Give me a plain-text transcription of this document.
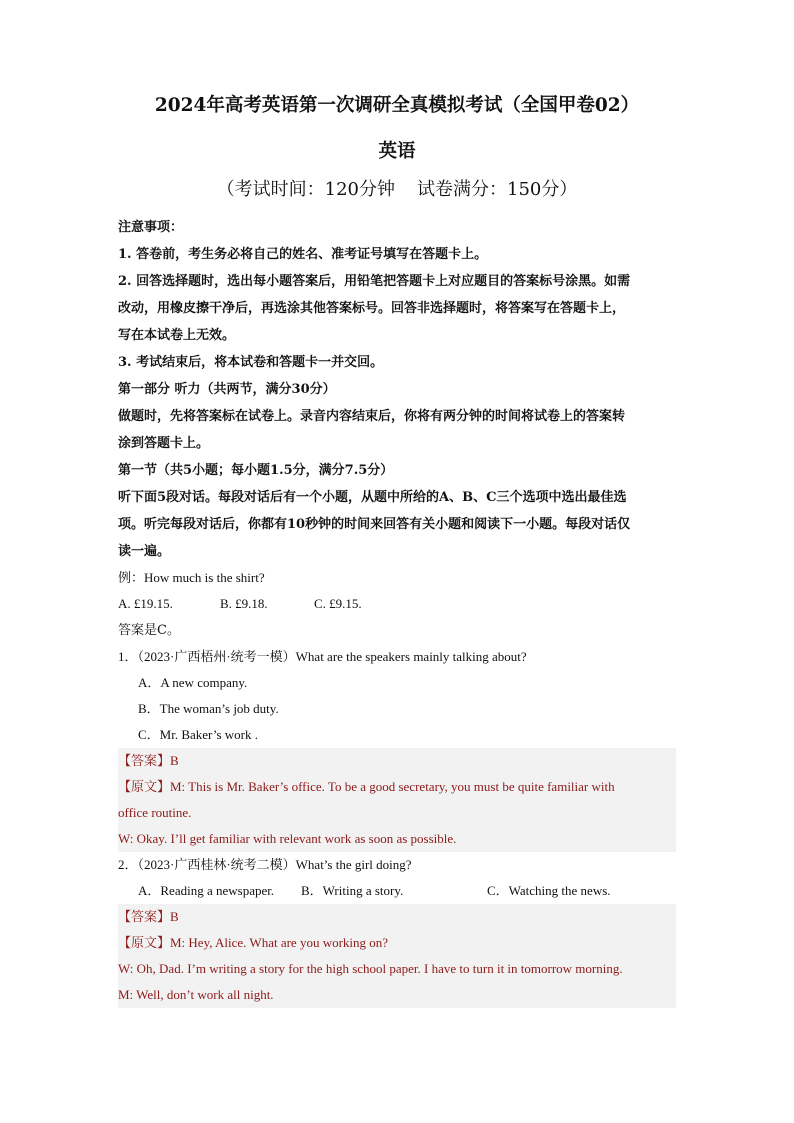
2024年高考英语第一次调研全真模拟考试（全国甲卷02）
英语
（考试时间：120分钟 试卷满分：150分）
注意事项：
1. 答卷前，考生务必将自己的姓名、准考证号填写在答题卡上。
2. 回答选择题时，选出每小题答案后，用铅笔把答题卡上对应题目的答案标号涂黑。如需
改动，用橡皮擦干净后，再选涂其他答案标号。回答非选择题时，将答案写在答题卡上，
写在本试卷上无效。
3. 考试结束后，将本试卷和答题卡一并交回。
第一部分 听力（共两节，满分30分）
做题时，先将答案标在试卷上。录音内容结束后，你将有两分钟的时间将试卷上的答案转
涂到答题卡上。
第一节（共5小题；每小题1.5分，满分7.5分）
听下面5段对话。每段对话后有一个小题，从题中所给的A、B、C三个选项中选出最佳选
项。听完每段对话后，你都有10秒钟的时间来回答有关小题和阅读下一小题。每段对话仅
读一遍。
例：How much is the shirt?
A. £19.15.	B. £9.18.	C. £9.15.
答案是C。
1．（2023·广西梧州·统考一模）What are the speakers mainly talking about?
A．A new company.
B．The woman’s job duty.
C．Mr. Baker’s work .
【答案】B
【原文】M: This is Mr. Baker’s office. To be a good secretary, you must be quite familiar with
office routine.
W: Okay. I’ll get familiar with relevant work as soon as possible.
2．（2023·广西桂林·统考二模）What’s the girl doing?
A．Reading a newspaper. B．Writing a story.	C．Watching the news.
【答案】B
【原文】M: Hey, Alice. What are you working on?
W: Oh, Dad. I’m writing a story for the high school paper. I have to turn it in tomorrow morning.
M: Well, don’t work all night.
